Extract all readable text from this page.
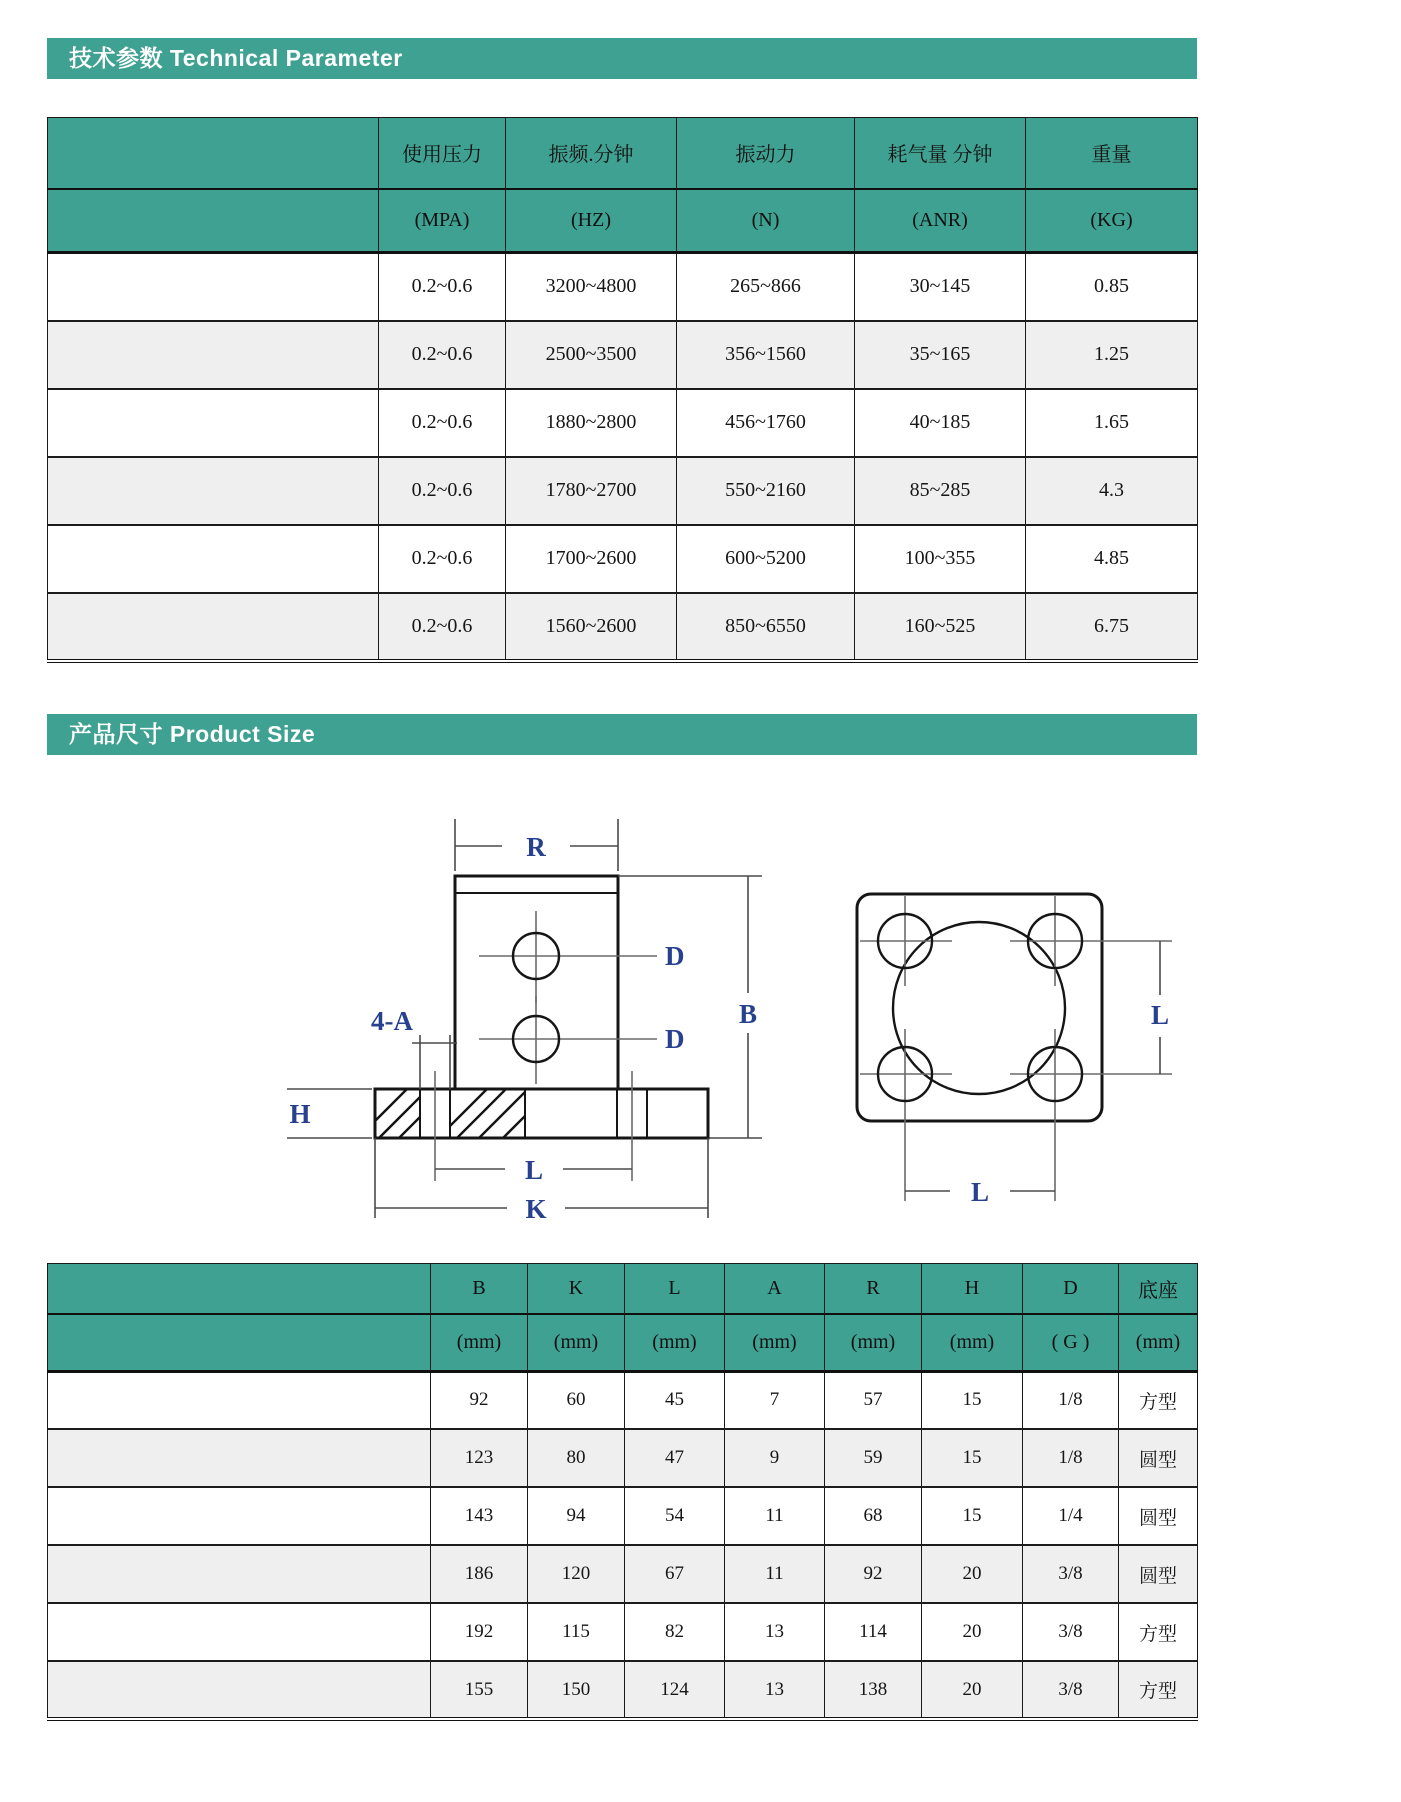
技术参数 Technical Parameter
	使用压力	振频.分钟	振动力	耗气量 分钟	重量
	(MPA)	(HZ)	(N)	(ANR)	(KG)
	0.2~0.6	3200~4800	265~866	30~145	0.85
	0.2~0.6	2500~3500	356~1560	35~165	1.25
	0.2~0.6	1880~2800	456~1760	40~185	1.65
	0.2~0.6	1780~2700	550~2160	85~285	4.3
	0.2~0.6	1700~2600	600~5200	100~355	4.85
	0.2~0.6	1560~2600	850~6550	160~525	6.75
产品尺寸 Product Size
R
D
D
B
4-A
H
L
K
L
L
	B	K	L	A	R	H	D	底座
	(mm)	(mm)	(mm)	(mm)	(mm)	(mm)	( G )	(mm)
	92	60	45	7	57	15	1/8	方型
	123	80	47	9	59	15	1/8	圆型
	143	94	54	11	68	15	1/4	圆型
	186	120	67	11	92	20	3/8	圆型
	192	115	82	13	114	20	3/8	方型
	155	150	124	13	138	20	3/8	方型
